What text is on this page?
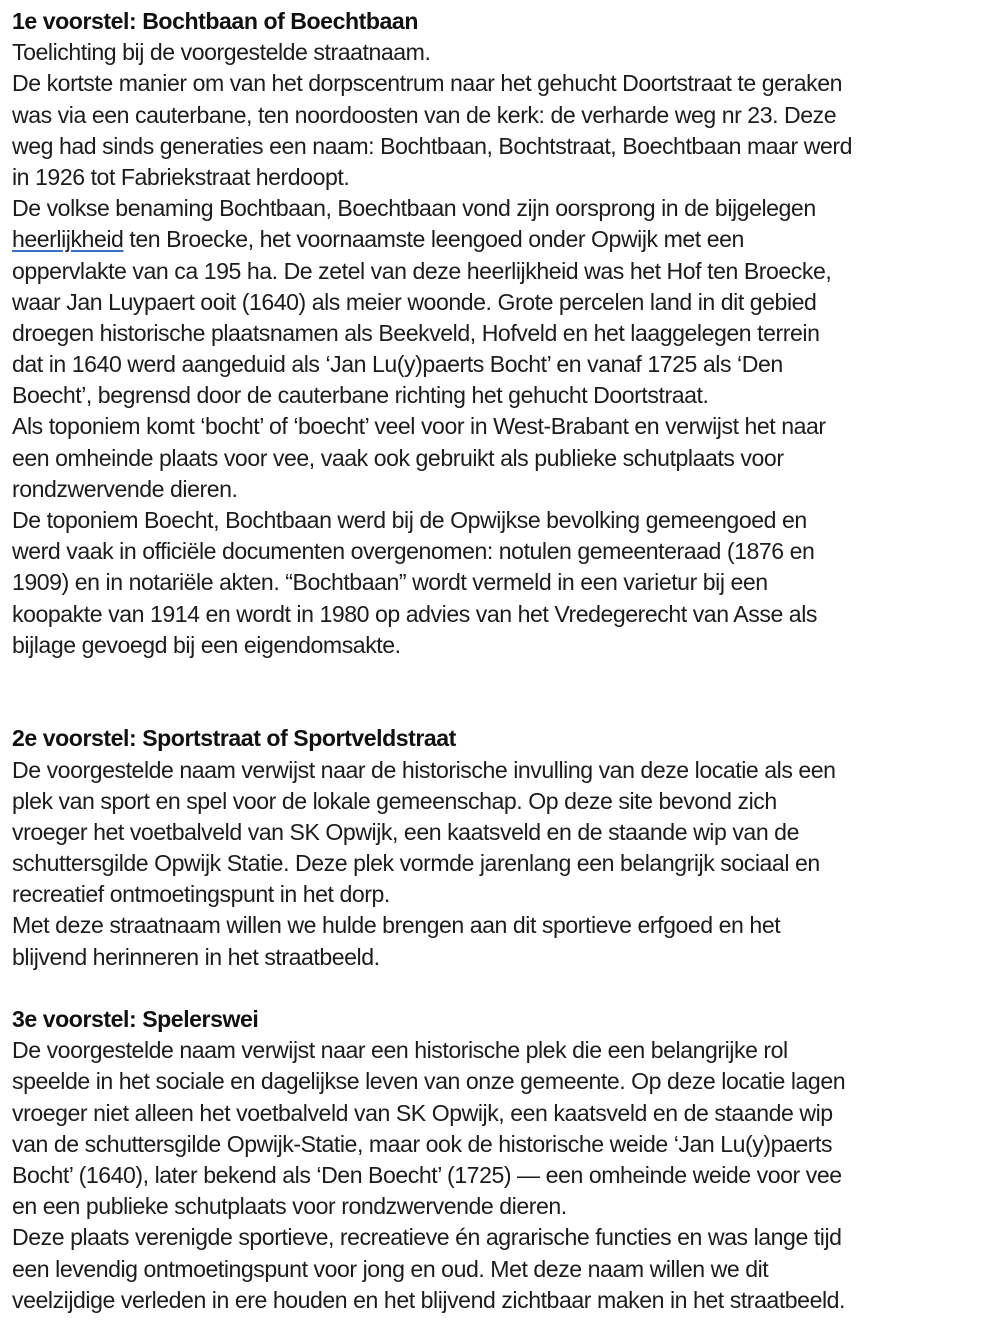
1e voorstel: Bochtbaan of Boechtbaan
Toelichting bij de voorgestelde straatnaam.
De kortste manier om van het dorpscentrum naar het gehucht Doortstraat te geraken
was via een cauterbane, ten noordoosten van de kerk: de verharde weg nr 23. Deze
weg had sinds generaties een naam: Bochtbaan, Bochtstraat, Boechtbaan maar werd
in 1926 tot Fabriekstraat herdoopt.
De volkse benaming Bochtbaan, Boechtbaan vond zijn oorsprong in de bijgelegen
heerlijkheid ten Broecke, het voornaamste leengoed onder Opwijk met een
oppervlakte van ca 195 ha. De zetel van deze heerlijkheid was het Hof ten Broecke,
waar Jan Luypaert ooit (1640) als meier woonde. Grote percelen land in dit gebied
droegen historische plaatsnamen als Beekveld, Hofveld en het laaggelegen terrein
dat in 1640 werd aangeduid als ‘Jan Lu(y)paerts Bocht’ en vanaf 1725 als ‘Den
Boecht’, begrensd door de cauterbane richting het gehucht Doortstraat.
Als toponiem komt ‘bocht’ of ‘boecht’ veel voor in West-Brabant en verwijst het naar
een omheinde plaats voor vee, vaak ook gebruikt als publieke schutplaats voor
rondzwervende dieren.
De toponiem Boecht, Bochtbaan werd bij de Opwijkse bevolking gemeengoed en
werd vaak in officiële documenten overgenomen: notulen gemeenteraad (1876 en
1909) en in notariële akten. “Bochtbaan” wordt vermeld in een varietur bij een
koopakte van 1914 en wordt in 1980 op advies van het Vredegerecht van Asse als
bijlage gevoegd bij een eigendomsakte.
2e voorstel: Sportstraat of Sportveldstraat
De voorgestelde naam verwijst naar de historische invulling van deze locatie als een
plek van sport en spel voor de lokale gemeenschap. Op deze site bevond zich
vroeger het voetbalveld van SK Opwijk, een kaatsveld en de staande wip van de
schuttersgilde Opwijk Statie. Deze plek vormde jarenlang een belangrijk sociaal en
recreatief ontmoetingspunt in het dorp.
Met deze straatnaam willen we hulde brengen aan dit sportieve erfgoed en het
blijvend herinneren in het straatbeeld.
3e voorstel: Spelerswei
De voorgestelde naam verwijst naar een historische plek die een belangrijke rol
speelde in het sociale en dagelijkse leven van onze gemeente. Op deze locatie lagen
vroeger niet alleen het voetbalveld van SK Opwijk, een kaatsveld en de staande wip
van de schuttersgilde Opwijk-Statie, maar ook de historische weide ‘Jan Lu(y)paerts
Bocht’ (1640), later bekend als ‘Den Boecht’ (1725) — een omheinde weide voor vee
en een publieke schutplaats voor rondzwervende dieren.
Deze plaats verenigde sportieve, recreatieve én agrarische functies en was lange tijd
een levendig ontmoetingspunt voor jong en oud. Met deze naam willen we dit
veelzijdige verleden in ere houden en het blijvend zichtbaar maken in het straatbeeld.
